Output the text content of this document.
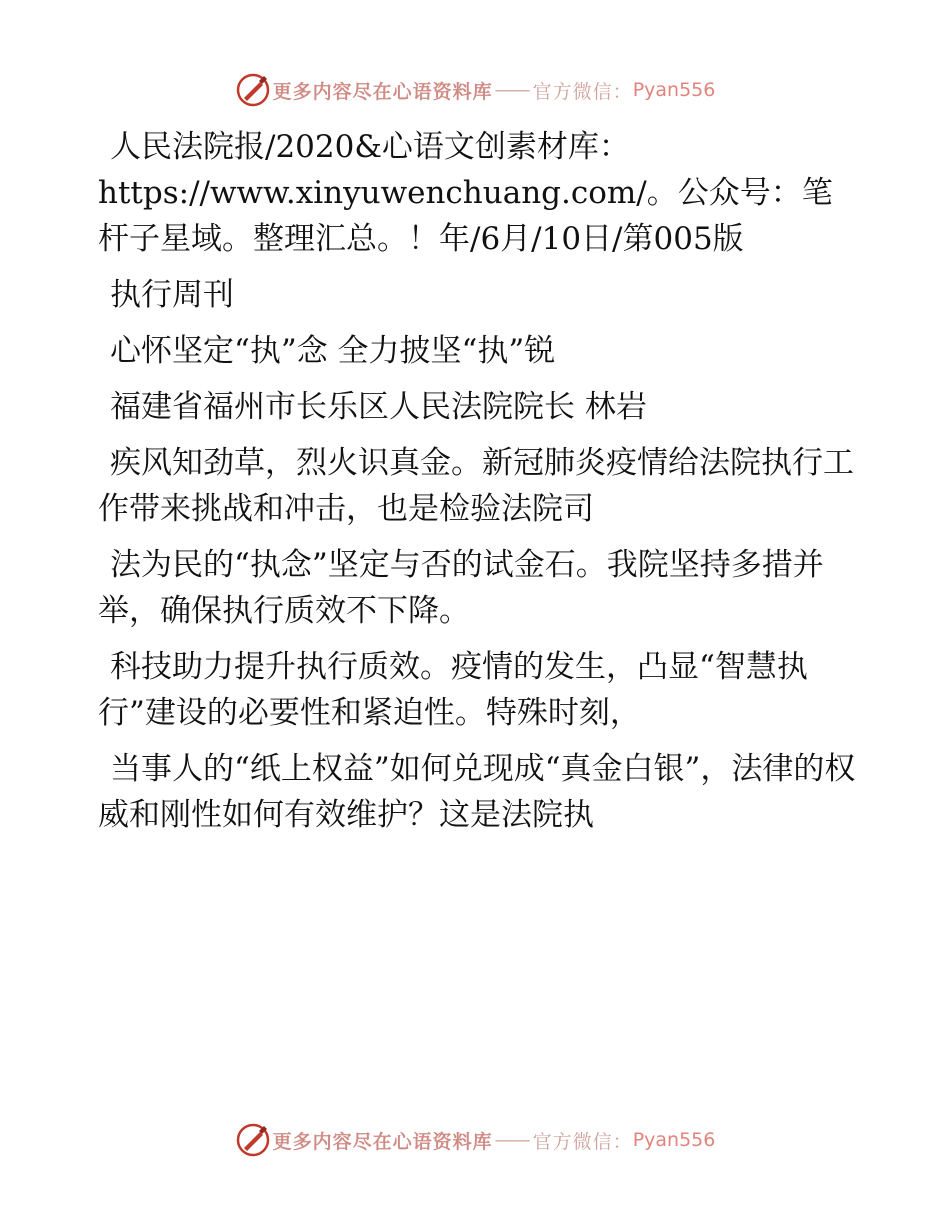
更多内容尽在心语资料库 —— 官方微信： Pyan556

人民法院报/2020&心语文创素材库：https://www.xinyuwenchuang.com/。公众号：笔杆子星域。整理汇总。！年/6月/10日/第005版

执行周刊

心怀坚定“执”念 全力披坚“执”锐

福建省福州市长乐区人民法院院长 林岩

疾风知劲草，烈火识真金。新冠肺炎疫情给法院执行工作带来挑战和冲击，也是检验法院司

法为民的“执念”坚定与否的试金石。我院坚持多措并举，确保执行质效不下降。

科技助力提升执行质效。疫情的发生，凸显“智慧执行”建设的必要性和紧迫性。特殊时刻，

当事人的“纸上权益”如何兑现成“真金白银”，法律的权威和刚性如何有效维护？这是法院执

更多内容尽在心语资料库 —— 官方微信： Pyan556
